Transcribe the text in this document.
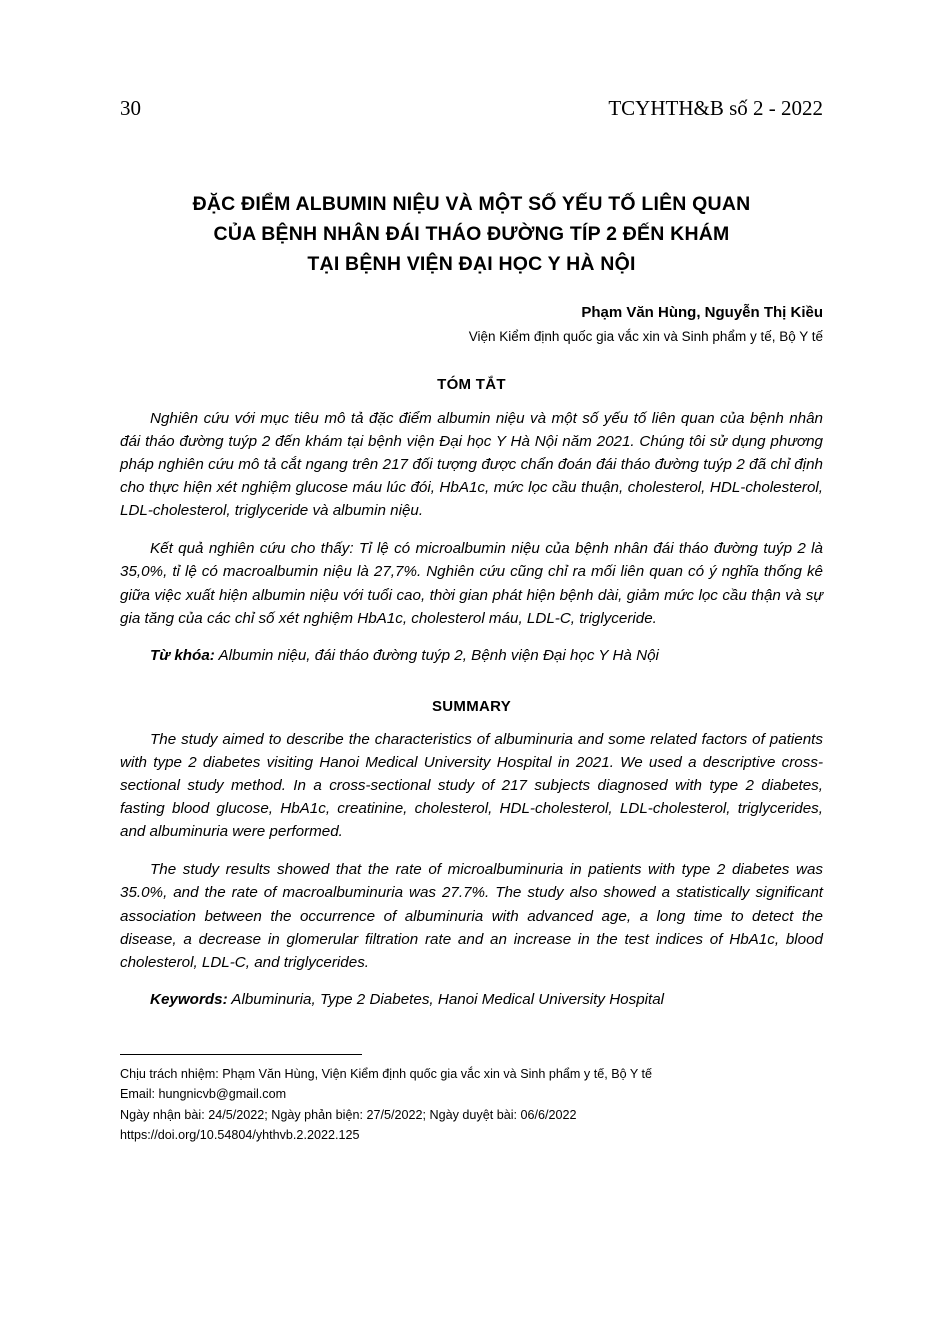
30	TCYHTH&B số 2 - 2022
ĐẶC ĐIỂM ALBUMIN NIỆU VÀ MỘT SỐ YẾU TỐ LIÊN QUAN
CỦA BỆNH NHÂN ĐÁI THÁO ĐƯỜNG TÍP 2 ĐẾN KHÁM
TẠI BỆNH VIỆN ĐẠI HỌC Y HÀ NỘI
Phạm Văn Hùng, Nguyễn Thị Kiều
Viện Kiểm định quốc gia vắc xin và Sinh phẩm y tế, Bộ Y tế
TÓM TẮT

Nghiên cứu với mục tiêu mô tả đặc điểm albumin niệu và một số yếu tố liên quan của bệnh nhân đái tháo đường tuýp 2 đến khám tại bệnh viện Đại học Y Hà Nội năm 2021. Chúng tôi sử dụng phương pháp nghiên cứu mô tả cắt ngang trên 217 đối tượng được chẩn đoán đái tháo đường tuýp 2 đã chỉ định cho thực hiện xét nghiệm glucose máu lúc đói, HbA1c, mức lọc cầu thuận, cholesterol, HDL-cholesterol, LDL-cholesterol, triglyceride và albumin niệu.

Kết quả nghiên cứu cho thấy: Tỉ lệ có microalbumin niệu của bệnh nhân đái tháo đường tuýp 2 là 35,0%, tỉ lệ có macroalbumin niệu là 27,7%. Nghiên cứu cũng chỉ ra mối liên quan có ý nghĩa thống kê giữa việc xuất hiện albumin niệu với tuổi cao, thời gian phát hiện bệnh dài, giảm mức lọc cầu thận và sự gia tăng của các chỉ số xét nghiệm HbA1c, cholesterol máu, LDL-C, triglyceride.

Từ khóa: Albumin niệu, đái tháo đường tuýp 2, Bệnh viện Đại học Y Hà Nội

SUMMARY

The study aimed to describe the characteristics of albuminuria and some related factors of patients with type 2 diabetes visiting Hanoi Medical University Hospital in 2021. We used a descriptive cross-sectional study method. In a cross-sectional study of 217 subjects diagnosed with type 2 diabetes, fasting blood glucose, HbA1c, creatinine, cholesterol, HDL-cholesterol, LDL-cholesterol, triglycerides, and albuminuria were performed.

The study results showed that the rate of microalbuminuria in patients with type 2 diabetes was 35.0%, and the rate of macroalbuminuria was 27.7%. The study also showed a statistically significant association between the occurrence of albuminuria with advanced age, a long time to detect the disease, a decrease in glomerular filtration rate and an increase in the test indices of HbA1c, blood cholesterol, LDL-C, and triglycerides.

Keywords: Albuminuria, Type 2 Diabetes, Hanoi Medical University Hospital

Chịu trách nhiệm: Phạm Văn Hùng, Viện Kiểm định quốc gia vắc xin và Sinh phẩm y tế, Bộ Y tế
Email: hungnicvb@gmail.com
Ngày nhận bài: 24/5/2022; Ngày phản biện: 27/5/2022; Ngày duyệt bài: 06/6/2022
https://doi.org/10.54804/yhthvb.2.2022.125
